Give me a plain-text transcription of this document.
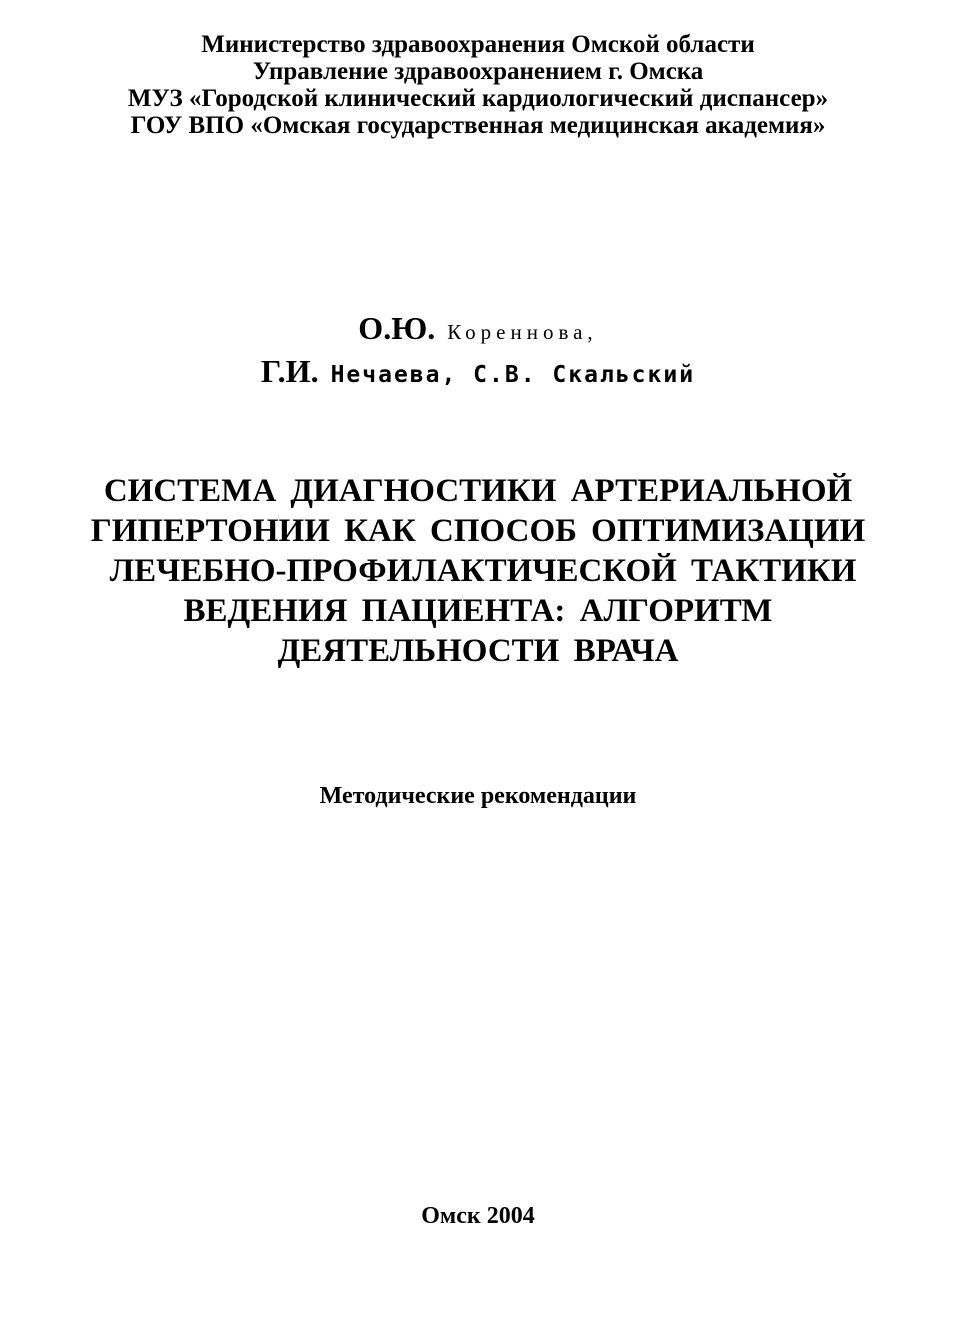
Министерство здравоохранения Омской области
Управление здравоохранением г. Омска
МУЗ «Городской клинический кардиологический диспансер»
ГОУ ВПО «Омская государственная медицинская академия»
О.Ю. Кореннова,
Г.И. Нечаева, С.В. Скальский
СИСТЕМА ДИАГНОСТИКИ АРТЕРИАЛЬНОЙ
ГИПЕРТОНИИ КАК СПОСОБ ОПТИМИЗАЦИИ
ЛЕЧЕБНО-ПРОФИЛАКТИЧЕСКОЙ ТАКТИКИ
ВЕДЕНИЯ ПАЦИЕНТА: АЛГОРИТМ
ДЕЯТЕЛЬНОСТИ ВРАЧА
Методические рекомендации
Омск 2004
